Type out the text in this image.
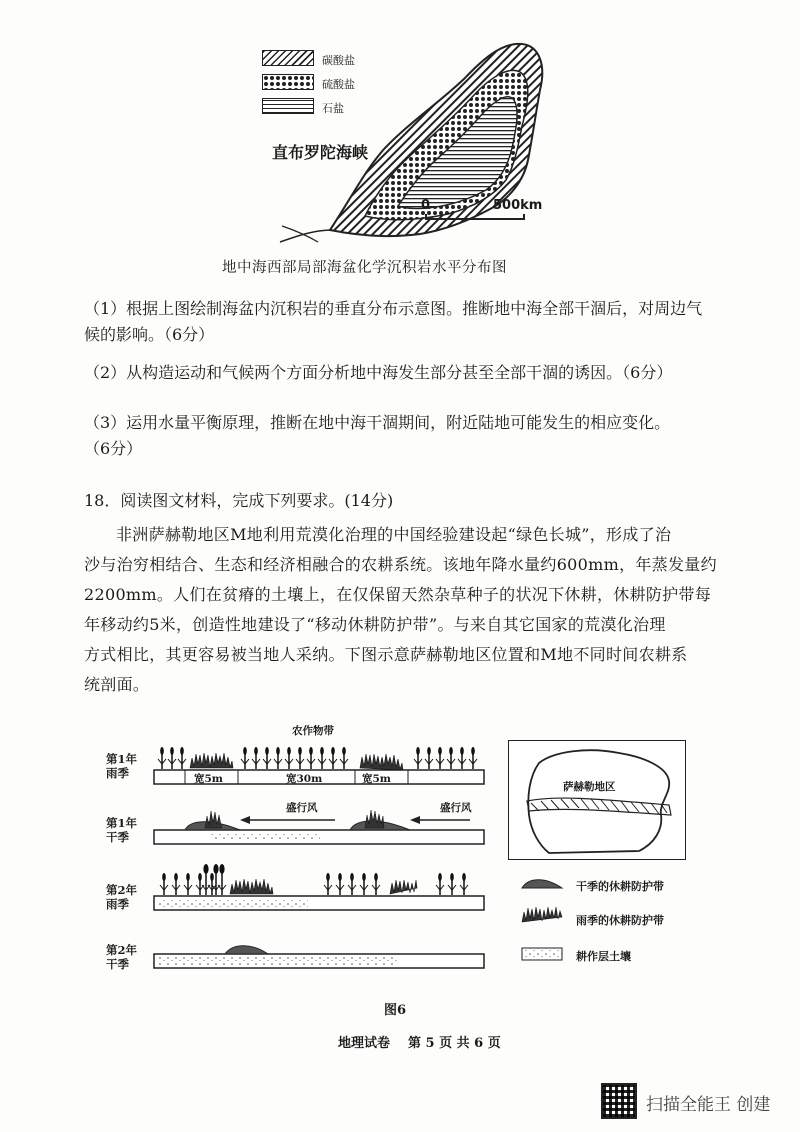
碳酸盐
硫酸盐
石盐
直布罗陀海峡
0	500km
地中海西部局部海盆化学沉积岩水平分布图
（1）根据上图绘制海盆内沉积岩的垂直分布示意图。推断地中海全部干涸后，对周边气
候的影响。（6分）
（2）从构造运动和气候两个方面分析地中海发生部分甚至全部干涸的诱因。（6分）
（3）运用水量平衡原理，推断在地中海干涸期间，附近陆地可能发生的相应变化。
（6分）
18．阅读图文材料，完成下列要求。(14分)
非洲萨赫勒地区M地利用荒漠化治理的中国经验建设起“绿色长城”，形成了治
沙与治穷相结合、生态和经济相融合的农耕系统。该地年降水量约600mm，年蒸发量约
2200mm。人们在贫瘠的土壤上，在仅保留天然杂草种子的状况下休耕，休耕防护带每
年移动约5米，创造性地建设了“移动休耕防护带”。与来自其它国家的荒漠化治理
方式相比，其更容易被当地人采纳。下图示意萨赫勒地区位置和M地不同时间农耕系
统剖面。
农作物带
第1年
雨季
第1年
干季
第2年
雨季
第2年
干季
宽5m	宽30m	宽5m
盛行风	盛行风
萨赫勒地区
干季的休耕防护带
雨季的休耕防护带
耕作层土壤
图6
地理试卷 第 5 页 共 6 页
扫描全能王 创建
